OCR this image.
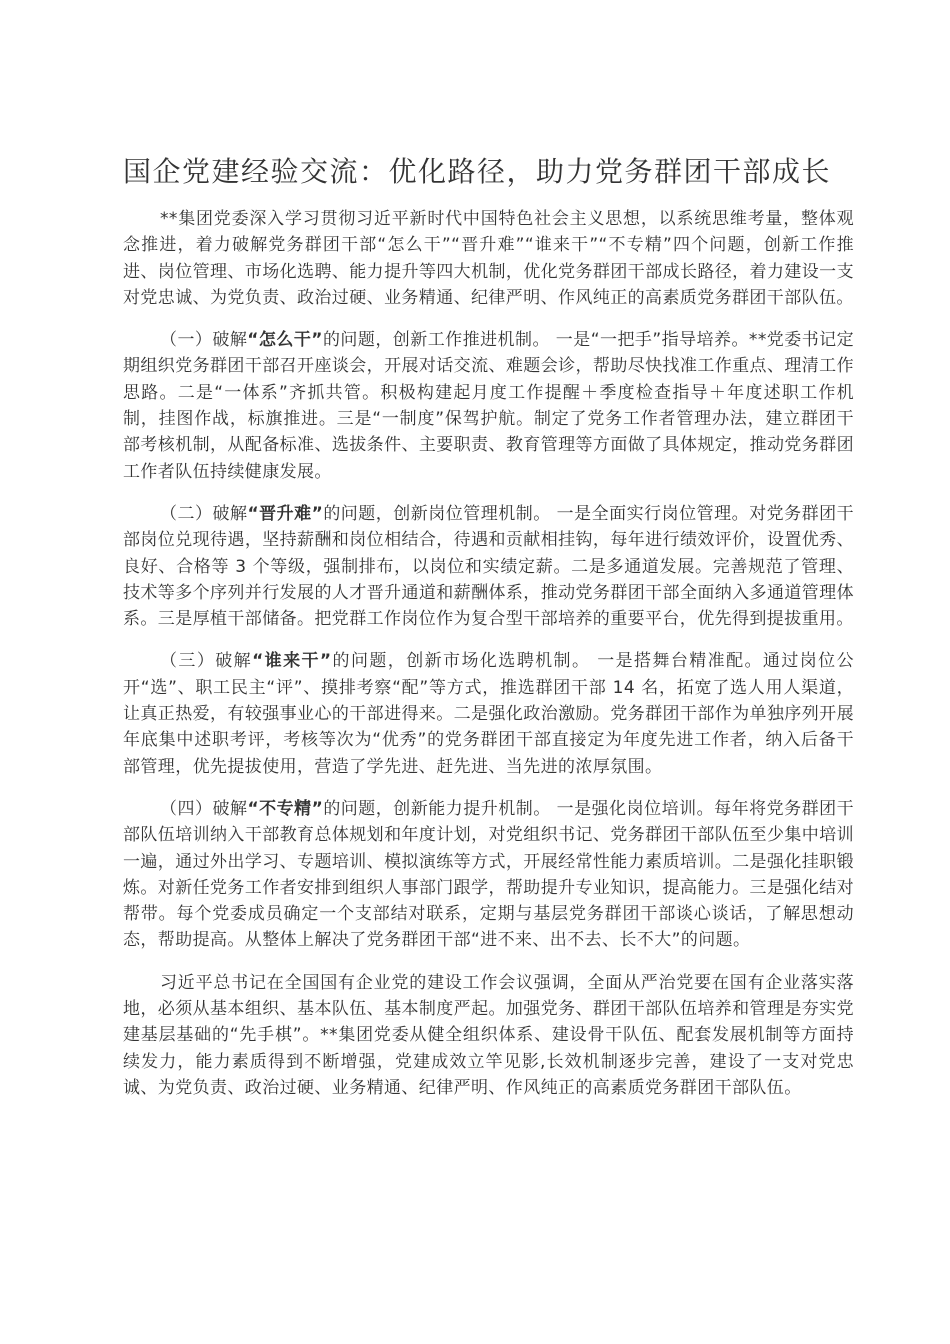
国企党建经验交流：优化路径，助力党务群团干部成长

**集团党委深入学习贯彻习近平新时代中国特色社会主义思想，以系统思维考量，整体观念推进，着力破解党务群团干部“怎么干”“晋升难”“谁来干”“不专精”四个问题，创新工作推进、岗位管理、市场化选聘、能力提升等四大机制，优化党务群团干部成长路径，着力建设一支对党忠诚、为党负责、政治过硬、业务精通、纪律严明、作风纯正的高素质党务群团干部队伍。

（一）破解“怎么干”的问题，创新工作推进机制。 一是“一把手”指导培养。**党委书记定期组织党务群团干部召开座谈会，开展对话交流、难题会诊，帮助尽快找准工作重点、理清工作思路。二是“一体系”齐抓共管。积极构建起月度工作提醒＋季度检查指导＋年度述职工作机制，挂图作战，标旗推进。三是“一制度”保驾护航。制定了党务工作者管理办法，建立群团干部考核机制，从配备标准、选拔条件、主要职责、教育管理等方面做了具体规定，推动党务群团工作者队伍持续健康发展。

（二）破解“晋升难”的问题，创新岗位管理机制。 一是全面实行岗位管理。对党务群团干部岗位兑现待遇，坚持薪酬和岗位相结合，待遇和贡献相挂钩，每年进行绩效评价，设置优秀、良好、合格等 3 个等级，强制排布，以岗位和实绩定薪。二是多通道发展。完善规范了管理、技术等多个序列并行发展的人才晋升通道和薪酬体系，推动党务群团干部全面纳入多通道管理体系。三是厚植干部储备。把党群工作岗位作为复合型干部培养的重要平台，优先得到提拔重用。

（三）破解“谁来干”的问题，创新市场化选聘机制。 一是搭舞台精准配。通过岗位公开“选”、职工民主“评”、摸排考察“配”等方式，推选群团干部 14 名，拓宽了选人用人渠道，让真正热爱，有较强事业心的干部进得来。二是强化政治激励。党务群团干部作为单独序列开展年底集中述职考评，考核等次为“优秀”的党务群团干部直接定为年度先进工作者，纳入后备干部管理，优先提拔使用，营造了学先进、赶先进、当先进的浓厚氛围。

（四）破解“不专精”的问题，创新能力提升机制。 一是强化岗位培训。每年将党务群团干部队伍培训纳入干部教育总体规划和年度计划，对党组织书记、党务群团干部队伍至少集中培训一遍，通过外出学习、专题培训、模拟演练等方式，开展经常性能力素质培训。二是强化挂职锻炼。对新任党务工作者安排到组织人事部门跟学，帮助提升专业知识，提高能力。三是强化结对帮带。每个党委成员确定一个支部结对联系，定期与基层党务群团干部谈心谈话，了解思想动态，帮助提高。从整体上解决了党务群团干部“进不来、出不去、长不大”的问题。

习近平总书记在全国国有企业党的建设工作会议强调，全面从严治党要在国有企业落实落地，必须从基本组织、基本队伍、基本制度严起。加强党务、群团干部队伍培养和管理是夯实党建基层基础的“先手棋”。**集团党委从健全组织体系、建设骨干队伍、配套发展机制等方面持续发力，能力素质得到不断增强，党建成效立竿见影,长效机制逐步完善，建设了一支对党忠诚、为党负责、政治过硬、业务精通、纪律严明、作风纯正的高素质党务群团干部队伍。
